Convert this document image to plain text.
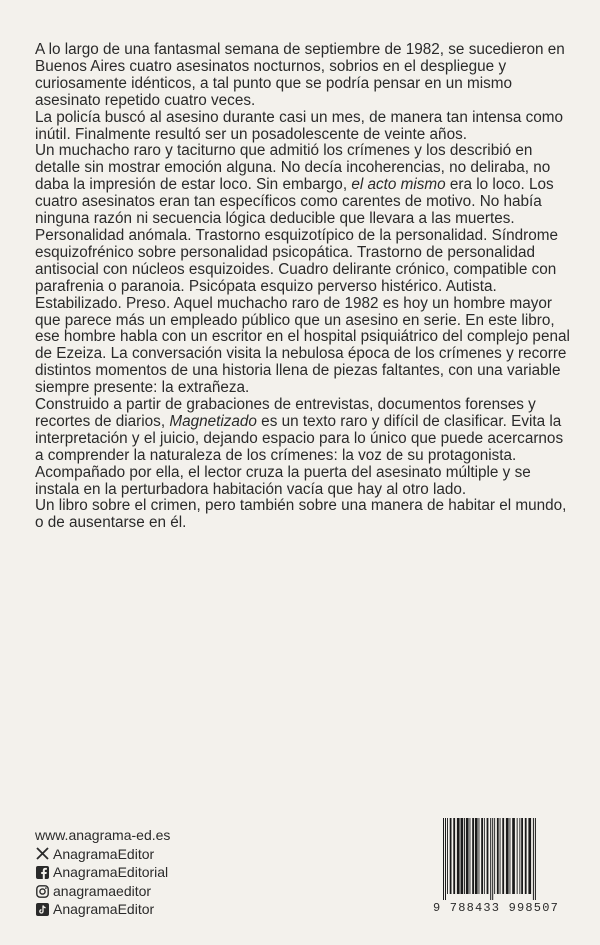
A lo largo de una fantasmal semana de septiembre de 1982, se sucedieron en Buenos Aires cuatro asesinatos nocturnos, sobrios en el despliegue y curiosamente idénticos, a tal punto que se podría pensar en un mismo asesinato repetido cuatro veces.

La policía buscó al asesino durante casi un mes, de manera tan intensa como inútil. Finalmente resultó ser un posadolescente de veinte años.

Un muchacho raro y taciturno que admitió los crímenes y los describió en detalle sin mostrar emoción alguna. No decía incoherencias, no deliraba, no daba la impresión de estar loco. Sin embargo, el acto mismo era lo loco. Los cuatro asesinatos eran tan específicos como carentes de motivo. No había ninguna razón ni secuencia lógica deducible que llevara a las muertes.

Personalidad anómala. Trastorno esquizotípico de la personalidad. Síndrome esquizofrénico sobre personalidad psicopática. Trastorno de personalidad antisocial con núcleos esquizoides. Cuadro delirante crónico, compatible con parafrenia o paranoia. Psicópata esquizo perverso histérico. Autista. Estabilizado. Preso. Aquel muchacho raro de 1982 es hoy un hombre mayor que parece más un empleado público que un asesino en serie. En este libro, ese hombre habla con un escritor en el hospital psiquiátrico del complejo penal de Ezeiza. La conversación visita la nebulosa época de los crímenes y recorre distintos momentos de una historia llena de piezas faltantes, con una variable siempre presente: la extrañeza.

Construido a partir de grabaciones de entrevistas, documentos forenses y recortes de diarios, Magnetizado es un texto raro y difícil de clasificar. Evita la interpretación y el juicio, dejando espacio para lo único que puede acercarnos a comprender la naturaleza de los crímenes: la voz de su protagonista. Acompañado por ella, el lector cruza la puerta del asesinato múltiple y se instala en la perturbadora habitación vacía que hay al otro lado.

Un libro sobre el crimen, pero también sobre una manera de habitar el mundo, o de ausentarse en él.

www.anagrama-ed.es
AnagramaEditor
AnagramaEditorial
anagramaeditor
AnagramaEditor	9 788433 998507
